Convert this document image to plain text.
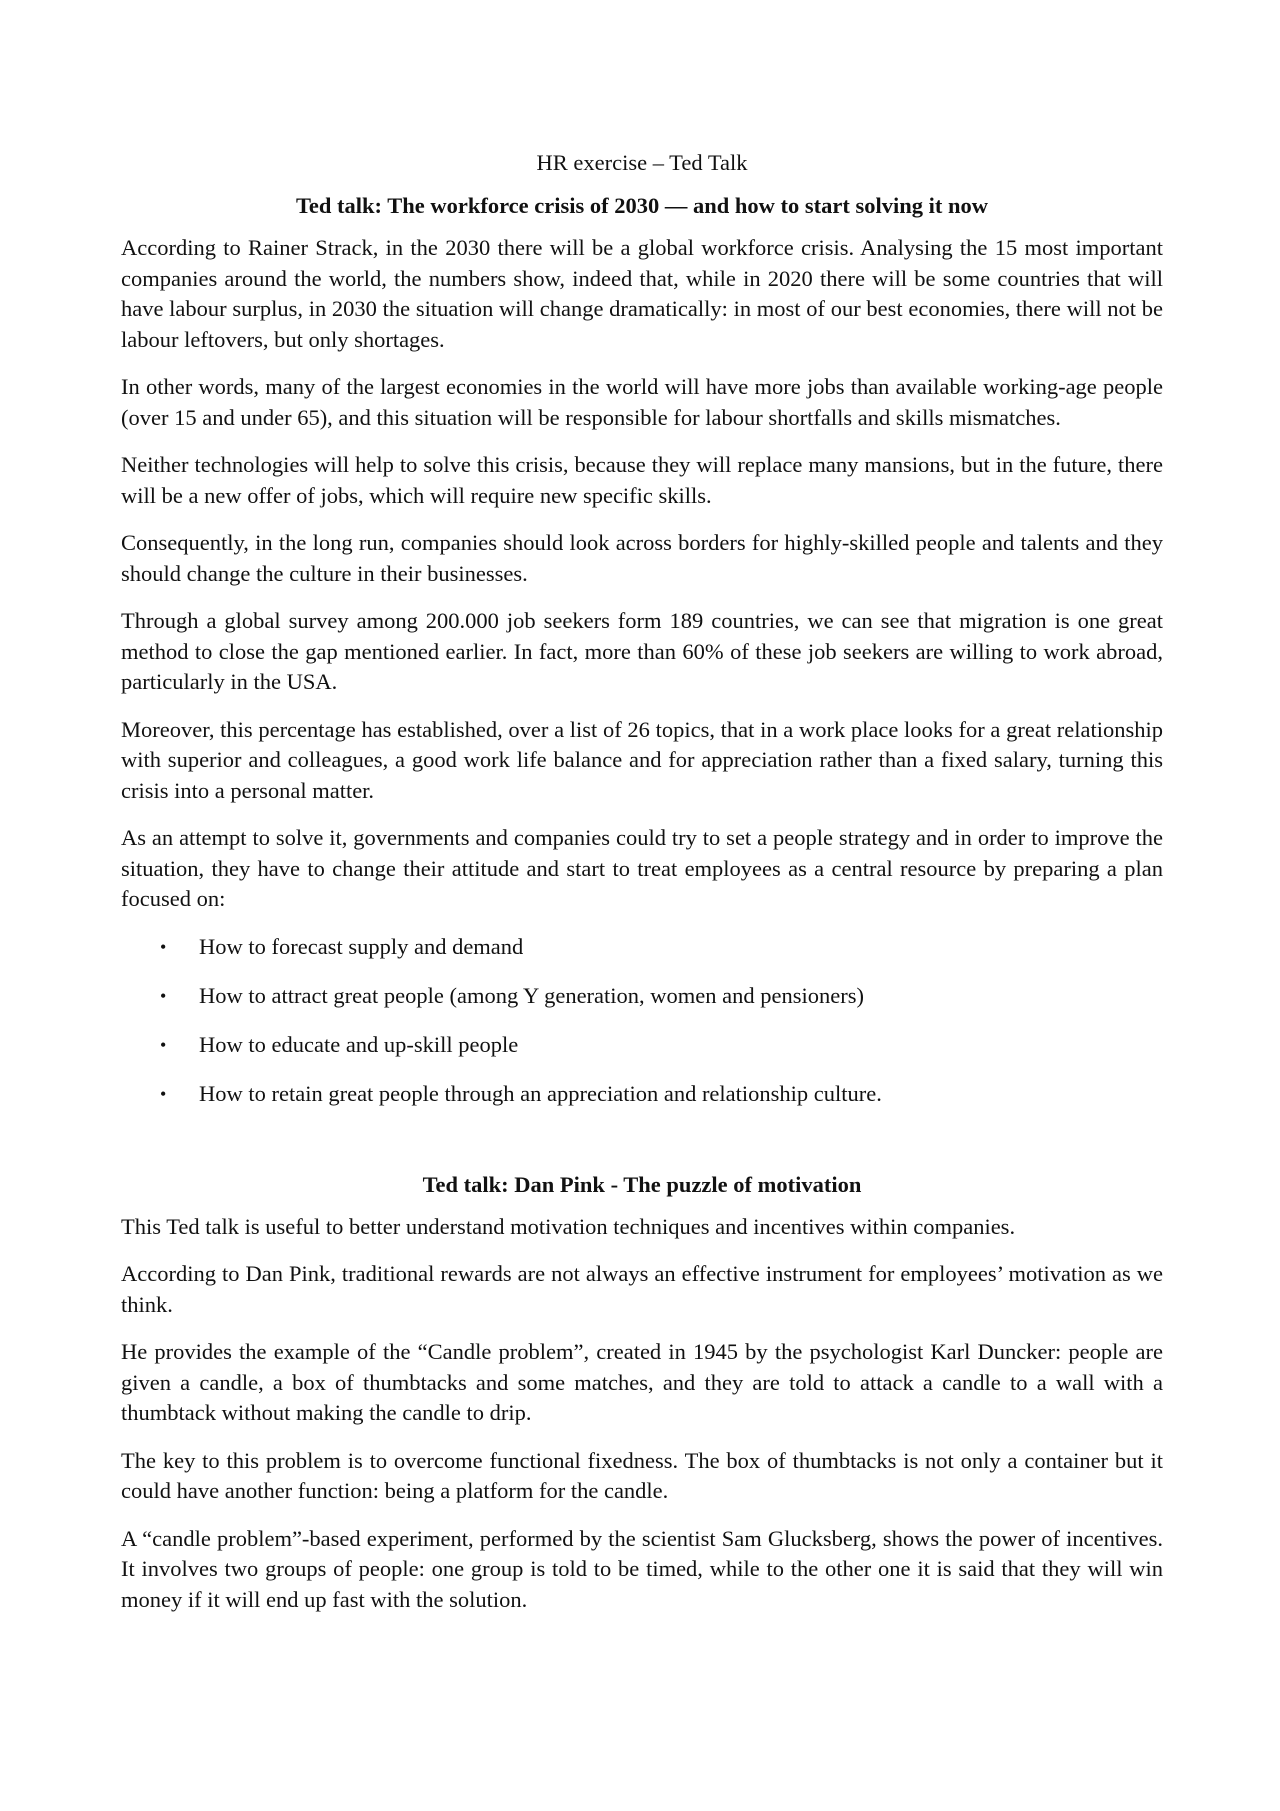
HR exercise – Ted Talk
Ted talk: The workforce crisis of 2030 — and how to start solving it now

According to Rainer Strack, in the 2030 there will be a global workforce crisis. Analysing the 15 most important companies around the world, the numbers show, indeed that, while in 2020 there will be some countries that will have labour surplus, in 2030 the situation will change dramatically: in most of our best economies, there will not be labour leftovers, but only shortages.

In other words, many of the largest economies in the world will have more jobs than available working-age people (over 15 and under 65), and this situation will be responsible for labour shortfalls and skills mismatches.

Neither technologies will help to solve this crisis, because they will replace many mansions, but in the future, there will be a new offer of jobs, which will require new specific skills.

Consequently, in the long run, companies should look across borders for highly-skilled people and talents and they should change the culture in their businesses.

Through a global survey among 200.000 job seekers form 189 countries, we can see that migration is one great method to close the gap mentioned earlier. In fact, more than 60% of these job seekers are willing to work abroad, particularly in the USA.

Moreover, this percentage has established, over a list of 26 topics, that in a work place looks for a great relationship with superior and colleagues, a good work life balance and for appreciation rather than a fixed salary, turning this crisis into a personal matter.

As an attempt to solve it, governments and companies could try to set a people strategy and in order to improve the situation, they have to change their attitude and start to treat employees as a central resource by preparing a plan focused on:

• How to forecast supply and demand
• How to attract great people (among Y generation, women and pensioners)
• How to educate and up-skill people
• How to retain great people through an appreciation and relationship culture.
Ted talk: Dan Pink - The puzzle of motivation

This Ted talk is useful to better understand motivation techniques and incentives within companies.

According to Dan Pink, traditional rewards are not always an effective instrument for employees’ motivation as we think.

He provides the example of the “Candle problem”, created in 1945 by the psychologist Karl Duncker: people are given a candle, a box of thumbtacks and some matches, and they are told to attack a candle to a wall with a thumbtack without making the candle to drip.

The key to this problem is to overcome functional fixedness. The box of thumbtacks is not only a container but it could have another function: being a platform for the candle.

A “candle problem”-based experiment, performed by the scientist Sam Glucksberg, shows the power of incentives. It involves two groups of people: one group is told to be timed, while to the other one it is said that they will win money if it will end up fast with the solution.
